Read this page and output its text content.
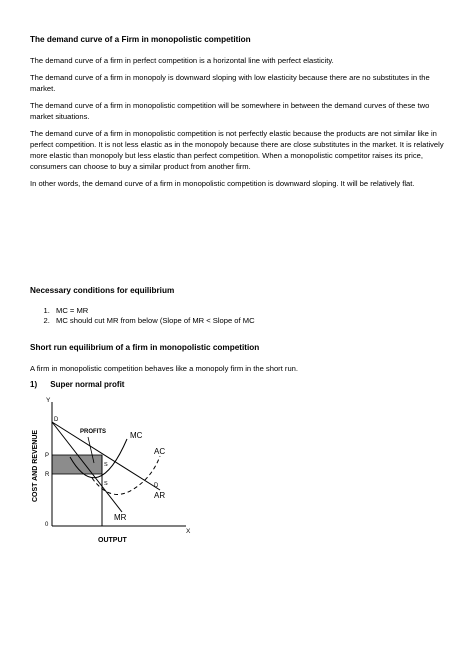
The demand curve of a Firm in monopolistic competition

The demand curve of a firm in perfect competition is a horizontal line with perfect elasticity.

The demand curve of a firm in monopoly is downward sloping with low elasticity because there are no substitutes in the market.

The demand curve of a firm in monopolistic competition will be somewhere in between the demand curves of these two market situations.

The demand curve of a firm in monopolistic competition is not perfectly elastic because the products are not similar like in perfect competition. It is not less elastic as in the monopoly because there are close substitutes in the market. It is relatively more elastic than monopoly but less elastic than perfect competition. When a monopolistic competitor raises its price, consumers can choose to buy a similar product from another firm.

In other words, the demand curve of a firm in monopolistic competition is downward sloping. It will be relatively flat.

Necessary conditions for equilibrium
1. MC = MR
2. MC should cut MR from below (Slope of MR < Slope of MC
Short run equilibrium of a firm in monopolistic competition

A firm in monopolistic competition behaves like a monopoly firm in the short run.

1) Super normal profit
Y
X
0
COST AND REVENUE
OUTPUT
D
P
R
PROFITS	MC
AC
D
AR
MR
S
S
